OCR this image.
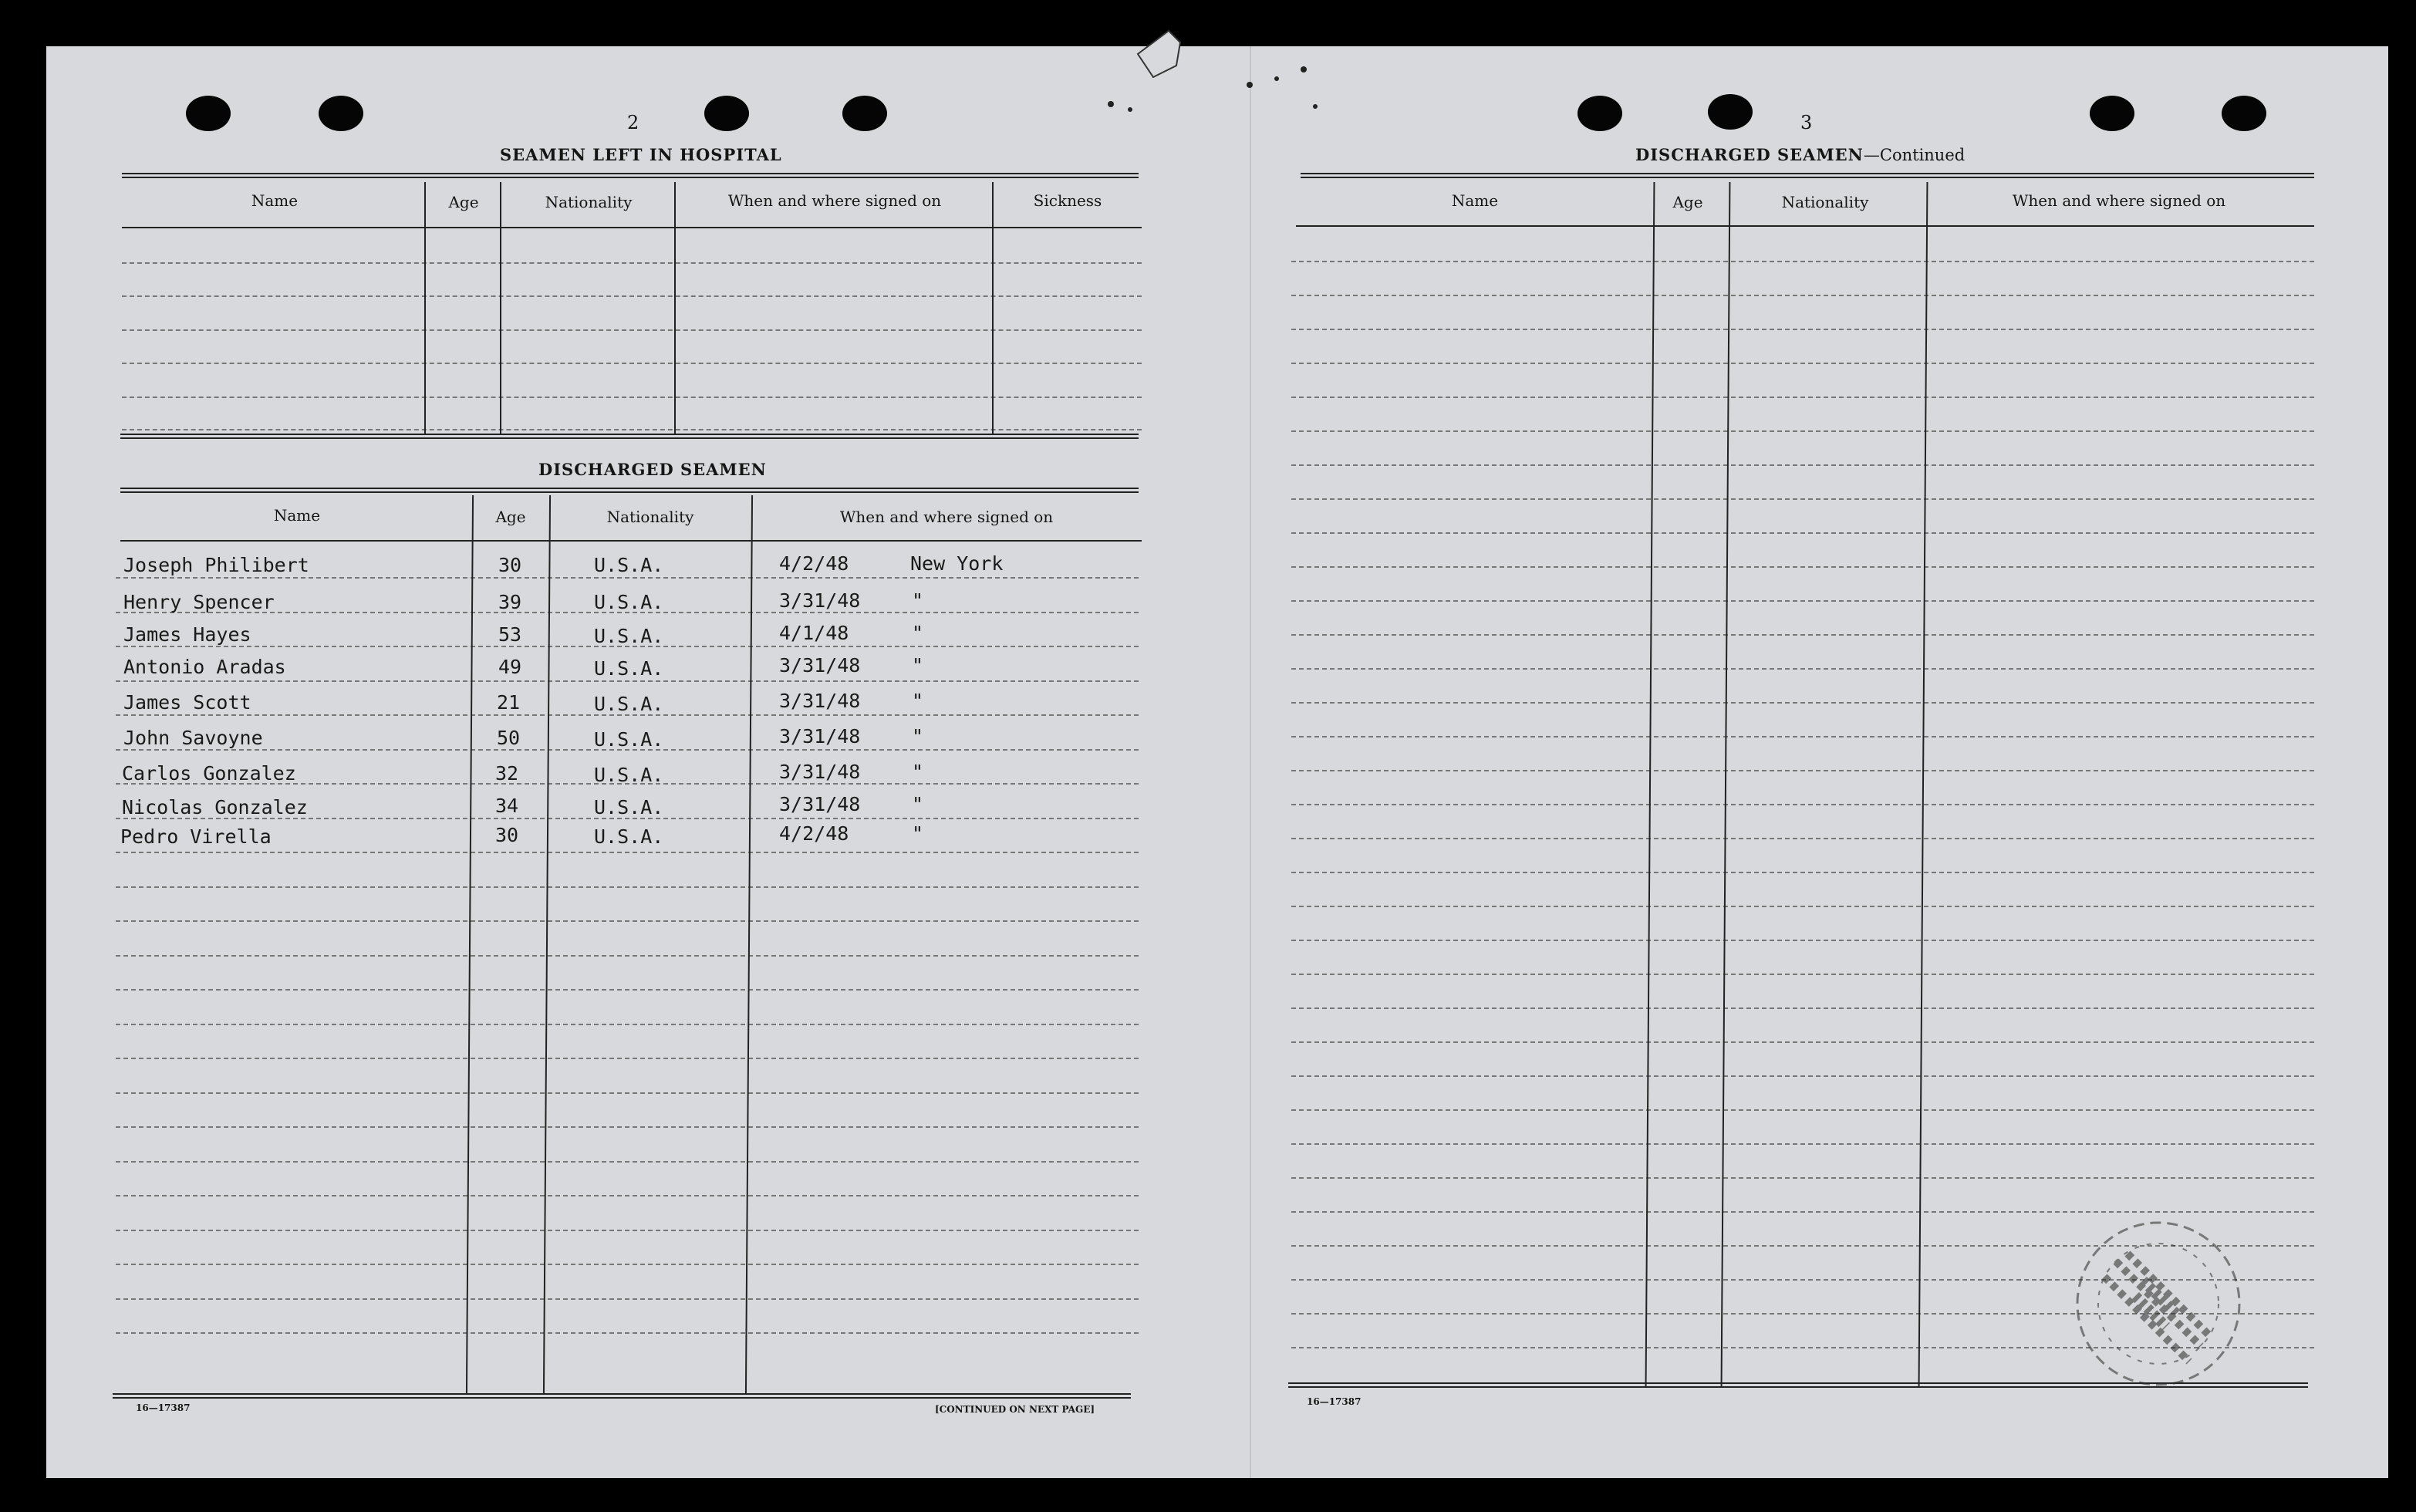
2
SEAMEN LEFT IN HOSPITAL
Name	Age	Nationality	When and where signed on	Sickness
DISCHARGED SEAMEN
Name	Age	Nationality	When and where signed on
Joseph Philibert	30	U.S.A.	4/2/48	New York
Henry Spencer	39	U.S.A.	3/31/48	"
James Hayes	53	U.S.A.	4/1/48	"
Antonio Aradas	49	U.S.A.	3/31/48	"
James Scott	21	U.S.A.	3/31/48	"
John Savoyne	50	U.S.A.	3/31/48	"
Carlos Gonzalez	32	U.S.A.	3/31/48	"
Nicolas Gonzalez	34	U.S.A.	3/31/48	"
Pedro Virella	30	U.S.A.	4/2/48	"
16—17387	[CONTINUED ON NEXT PAGE]
3
DISCHARGED SEAMEN—Continued
Name	Age	Nationality	When and where signed on
16—17387
